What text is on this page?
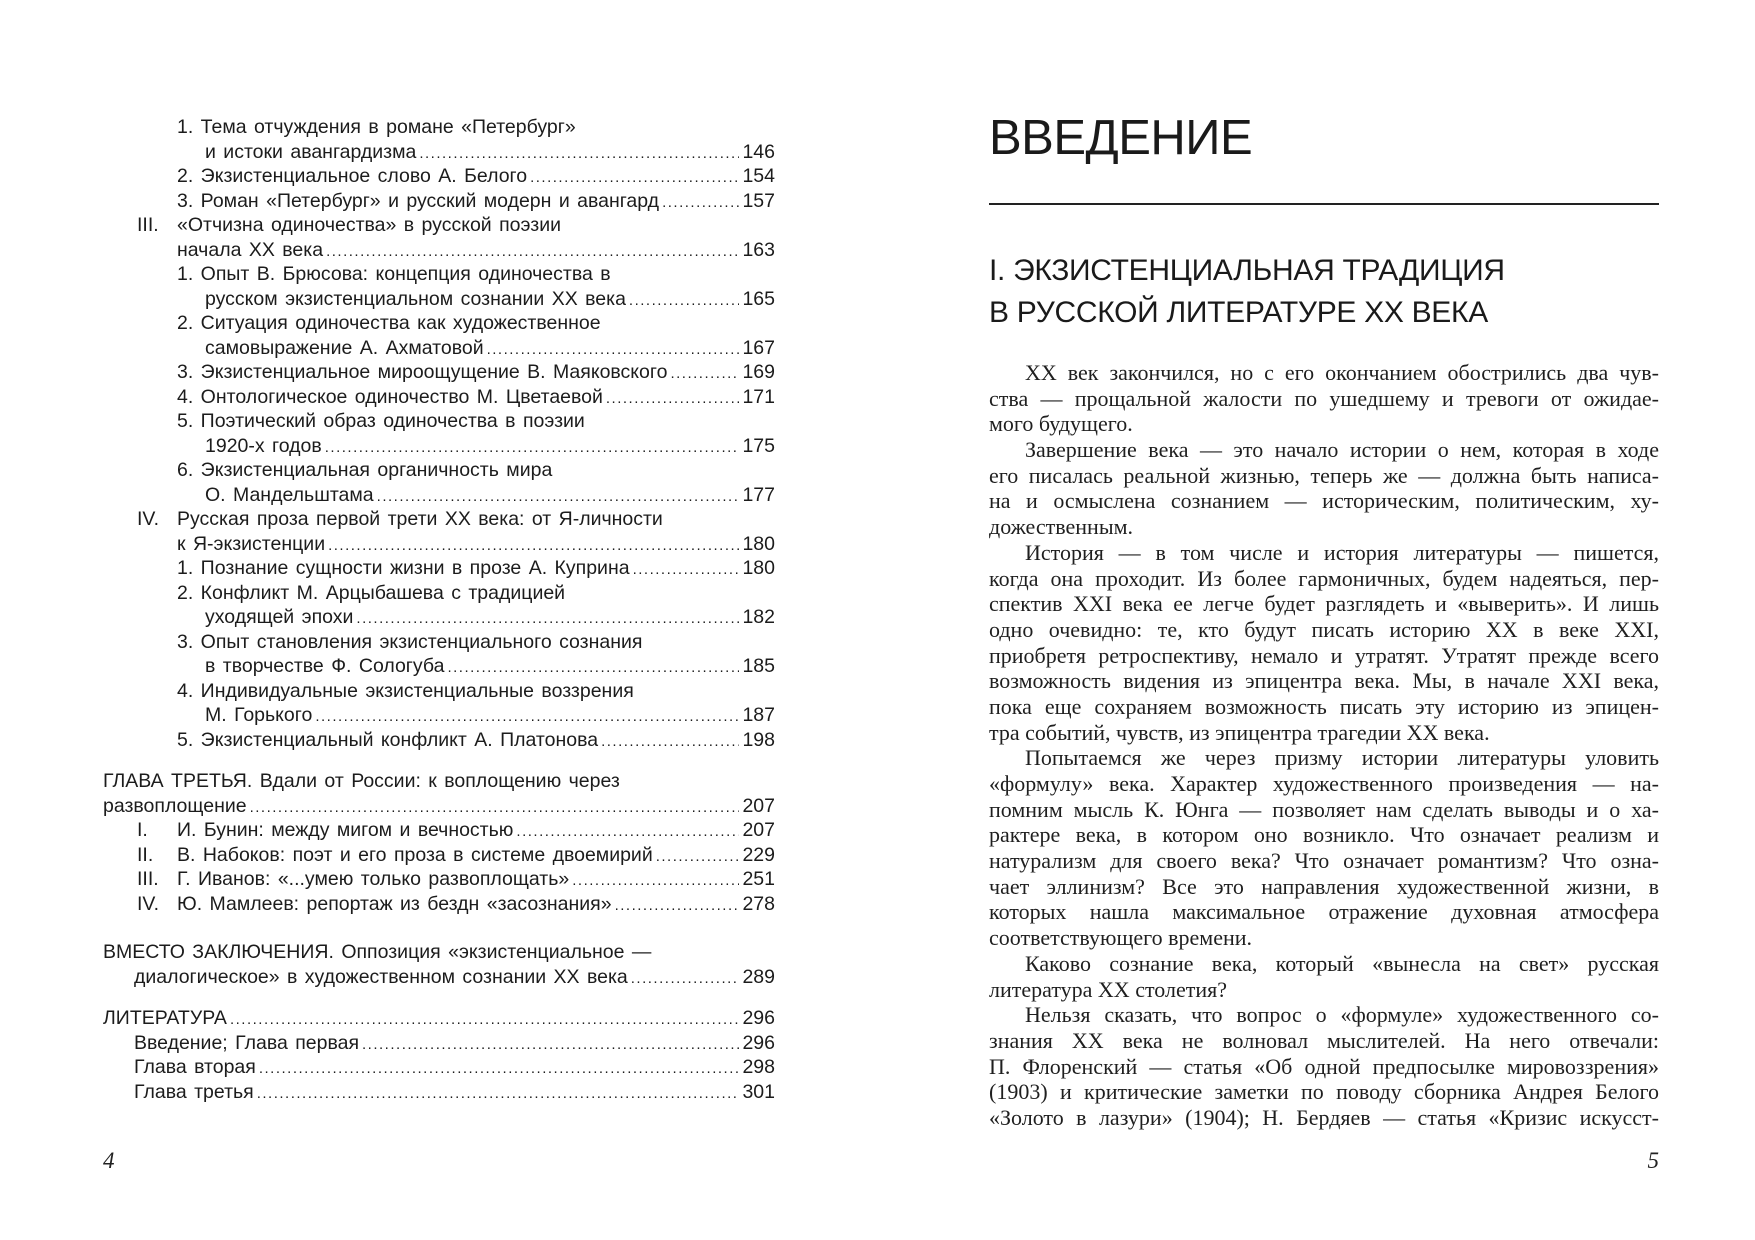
1. Тема отчуждения в романе «Петербург»
и истоки авангардизма .....	146
2. Экзистенциальное слово А. Белого .....	154
3. Роман «Петербург» и русский модерн и авангард .....	157
III. «Отчизна одиночества» в русской поэзии
начала XX века .....	163
1. Опыт В. Брюсова: концепция одиночества в
русском экзистенциальном сознании XX века .....	165
2. Ситуация одиночества как художественное
самовыражение А. Ахматовой .....	167
3. Экзистенциальное мироощущение В. Маяковского .....	169
4. Онтологическое одиночество М. Цветаевой .....	171
5. Поэтический образ одиночества в поэзии
1920-х годов .....	175
6. Экзистенциальная органичность мира
О. Мандельштама .....	177
IV. Русская проза первой трети XX века: от Я-личности
к Я-экзистенции .....	180
1. Познание сущности жизни в прозе А. Куприна .....	180
2. Конфликт М. Арцыбашева с традицией
уходящей эпохи .....	182
3. Опыт становления экзистенциального сознания
в творчестве Ф. Сологуба .....	185
4. Индивидуальные экзистенциальные воззрения
М. Горького .....	187
5. Экзистенциальный конфликт А. Платонова .....	198
ГЛАВА ТРЕТЬЯ. Вдали от России: к воплощению через
развоплощение .....	207
I.	И. Бунин: между мигом и вечностью .....	207
II.	В. Набоков: поэт и его проза в системе двоемирий .....	229
III. Г. Иванов: «...умею только развоплощать» .....	251
IV. Ю. Мамлеев: репортаж из бездн «засознания» .....	278
ВМЕСТО ЗАКЛЮЧЕНИЯ. Оппозиция «экзистенциальное —
диалогическое» в художественном сознании XX века .....	289
ЛИТЕРАТУРА .....	296
Введение; Глава первая .....	296
Глава вторая .....	298
Глава третья .....	301
4
ВВЕДЕНИЕ
I. ЭКЗИСТЕНЦИАЛЬНАЯ ТРАДИЦИЯ
В РУССКОЙ ЛИТЕРАТУРЕ XX ВЕКА
XX век закончился, но с его окончанием обострились два чув-
ства — прощальной жалости по ушедшему и тревоги от ожидае-
мого будущего.
Завершение века — это начало истории о нем, которая в ходе
его писалась реальной жизнью, теперь же — должна быть написа-
на и осмыслена сознанием — историческим, политическим, ху-
дожественным.
История — в том числе и история литературы — пишется,
когда она проходит. Из более гармоничных, будем надеяться, пер-
спектив XXI века ее легче будет разглядеть и «выверить». И лишь
одно очевидно: те, кто будут писать историю XX в веке XXI,
приобретя ретроспективу, немало и утратят. Утратят прежде всего
возможность видения из эпицентра века. Мы, в начале XXI века,
пока еще сохраняем возможность писать эту историю из эпицен-
тра событий, чувств, из эпицентра трагедии XX века.
Попытаемся же через призму истории литературы уловить
«формулу» века. Характер художественного произведения — на-
помним мысль К. Юнга — позволяет нам сделать выводы и о ха-
рактере века, в котором оно возникло. Что означает реализм и
натурализм для своего века? Что означает романтизм? Что озна-
чает эллинизм? Все это направления художественной жизни, в
которых нашла максимальное отражение духовная атмосфера
соответствующего времени.
Каково сознание века, который «вынесла на свет» русская
литература XX столетия?
Нельзя сказать, что вопрос о «формуле» художественного со-
знания XX века не волновал мыслителей. На него отвечали:
П. Флоренский — статья «Об одной предпосылке мировоззрения»
(1903) и критические заметки по поводу сборника Андрея Белого
«Золото в лазури» (1904); Н. Бердяев — статья «Кризис искусст-
5
